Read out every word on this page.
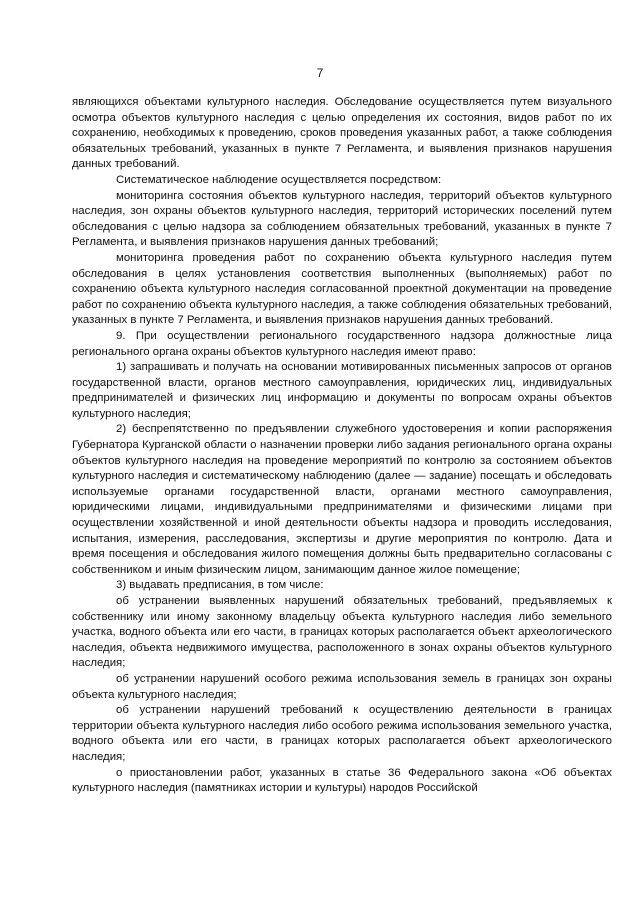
7

являющихся объектами культурного наследия. Обследование осуществляется путем визуального осмотра объектов культурного наследия с целью определения их состояния, видов работ по их сохранению, необходимых к проведению, сроков проведения указанных работ, а также соблюдения обязательных требований, указанных в пункте 7 Регламента, и выявления признаков нарушения данных требований.

Систематическое наблюдение осуществляется посредством:

мониторинга состояния объектов культурного наследия, территорий объектов культурного наследия, зон охраны объектов культурного наследия, территорий исторических поселений путем обследования с целью надзора за соблюдением обязательных требований, указанных в пункте 7 Регламента, и выявления признаков нарушения данных требований;

мониторинга проведения работ по сохранению объекта культурного наследия путем обследования в целях установления соответствия выполненных (выполняемых) работ по сохранению объекта культурного наследия согласованной проектной документации на проведение работ по сохранению объекта культурного наследия, а также соблюдения обязательных требований, указанных в пункте 7 Регламента, и выявления признаков нарушения данных требований.

9. При осуществлении регионального государственного надзора должностные лица регионального органа охраны объектов культурного наследия имеют право:

1) запрашивать и получать на основании мотивированных письменных запросов от органов государственной власти, органов местного самоуправления, юридических лиц, индивидуальных предпринимателей и физических лиц информацию и документы по вопросам охраны объектов культурного наследия;

2) беспрепятственно по предъявлении служебного удостоверения и копии распоряжения Губернатора Курганской области о назначении проверки либо задания регионального органа охраны объектов культурного наследия на проведение мероприятий по контролю за состоянием объектов культурного наследия и систематическому наблюдению (далее — задание) посещать и обследовать используемые органами государственной власти, органами местного самоуправления, юридическими лицами, индивидуальными предпринимателями и физическими лицами при осуществлении хозяйственной и иной деятельности объекты надзора и проводить исследования, испытания, измерения, расследования, экспертизы и другие мероприятия по контролю. Дата и время посещения и обследования жилого помещения должны быть предварительно согласованы с собственником и иным физическим лицом, занимающим данное жилое помещение;

3) выдавать предписания, в том числе:

об устранении выявленных нарушений обязательных требований, предъявляемых к собственнику или иному законному владельцу объекта культурного наследия либо земельного участка, водного объекта или его части, в границах которых располагается объект археологического наследия, объекта недвижимого имущества, расположенного в зонах охраны объектов культурного наследия;

об устранении нарушений особого режима использования земель в границах зон охраны объекта культурного наследия;

об устранении нарушений требований к осуществлению деятельности в границах территории объекта культурного наследия либо особого режима использования земельного участка, водного объекта или его части, в границах которых располагается объект археологического наследия;

о приостановлении работ, указанных в статье 36 Федерального закона «Об объектах культурного наследия (памятниках истории и культуры) народов Российской
